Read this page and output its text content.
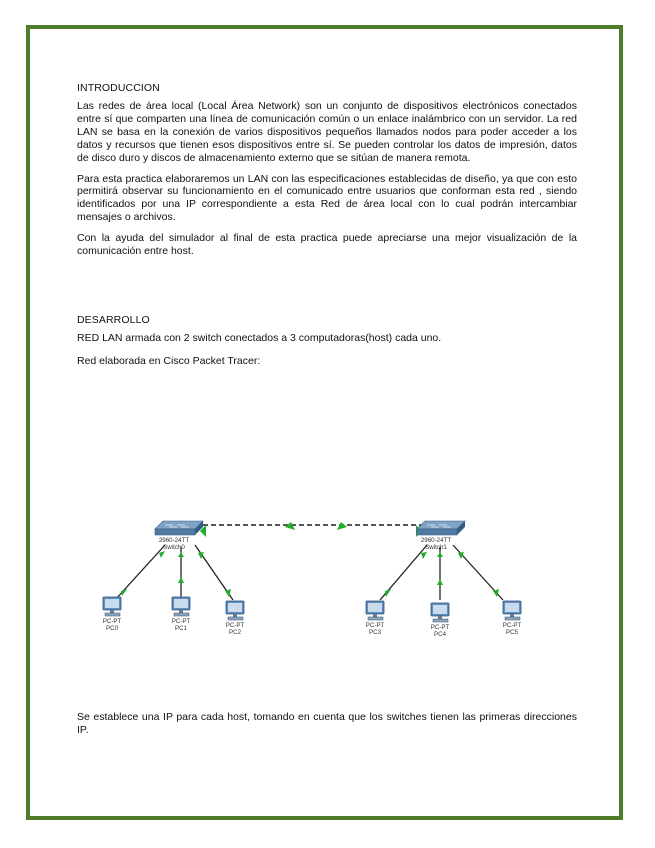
INTRODUCCION

Las redes de área local (Local Área Network) son un conjunto de dispositivos electrónicos conectados entre sí que comparten una línea de comunicación común o un enlace inalámbrico con un servidor. La red LAN se basa en la conexión de varios dispositivos pequeños llamados nodos para poder acceder a los datos y recursos que tienen esos dispositivos entre sí. Se pueden controlar los datos de impresión, datos de disco duro y discos de almacenamiento externo que se sitúan de manera remota.

Para esta practica elaboraremos un LAN con las especificaciones establecidas de diseño, ya que con esto permitirá observar su funcionamiento en el comunicado entre usuarios que conforman esta red , siendo identificados por una IP correspondiente a esta Red de área local con lo cual podrán intercambiar mensajes o archivos.

Con la ayuda del simulador al final de esta practica puede apreciarse una mejor visualización de la comunicación entre host.

DESARROLLO

RED LAN armada con 2 switch conectados a 3 computadoras(host) cada uno.

Red elaborada en Cisco Packet Tracer:

2960-24TT
Switch0
2960-24TT
Switch1
PC-PT
PC0
PC-PT
PC1	PC-PT
PC2
PC-PT
PC3
PC-PT
PC4
PC-PT
PC5

Se establece una IP para cada host, tomando en cuenta que los switches tienen las primeras direcciones IP.
